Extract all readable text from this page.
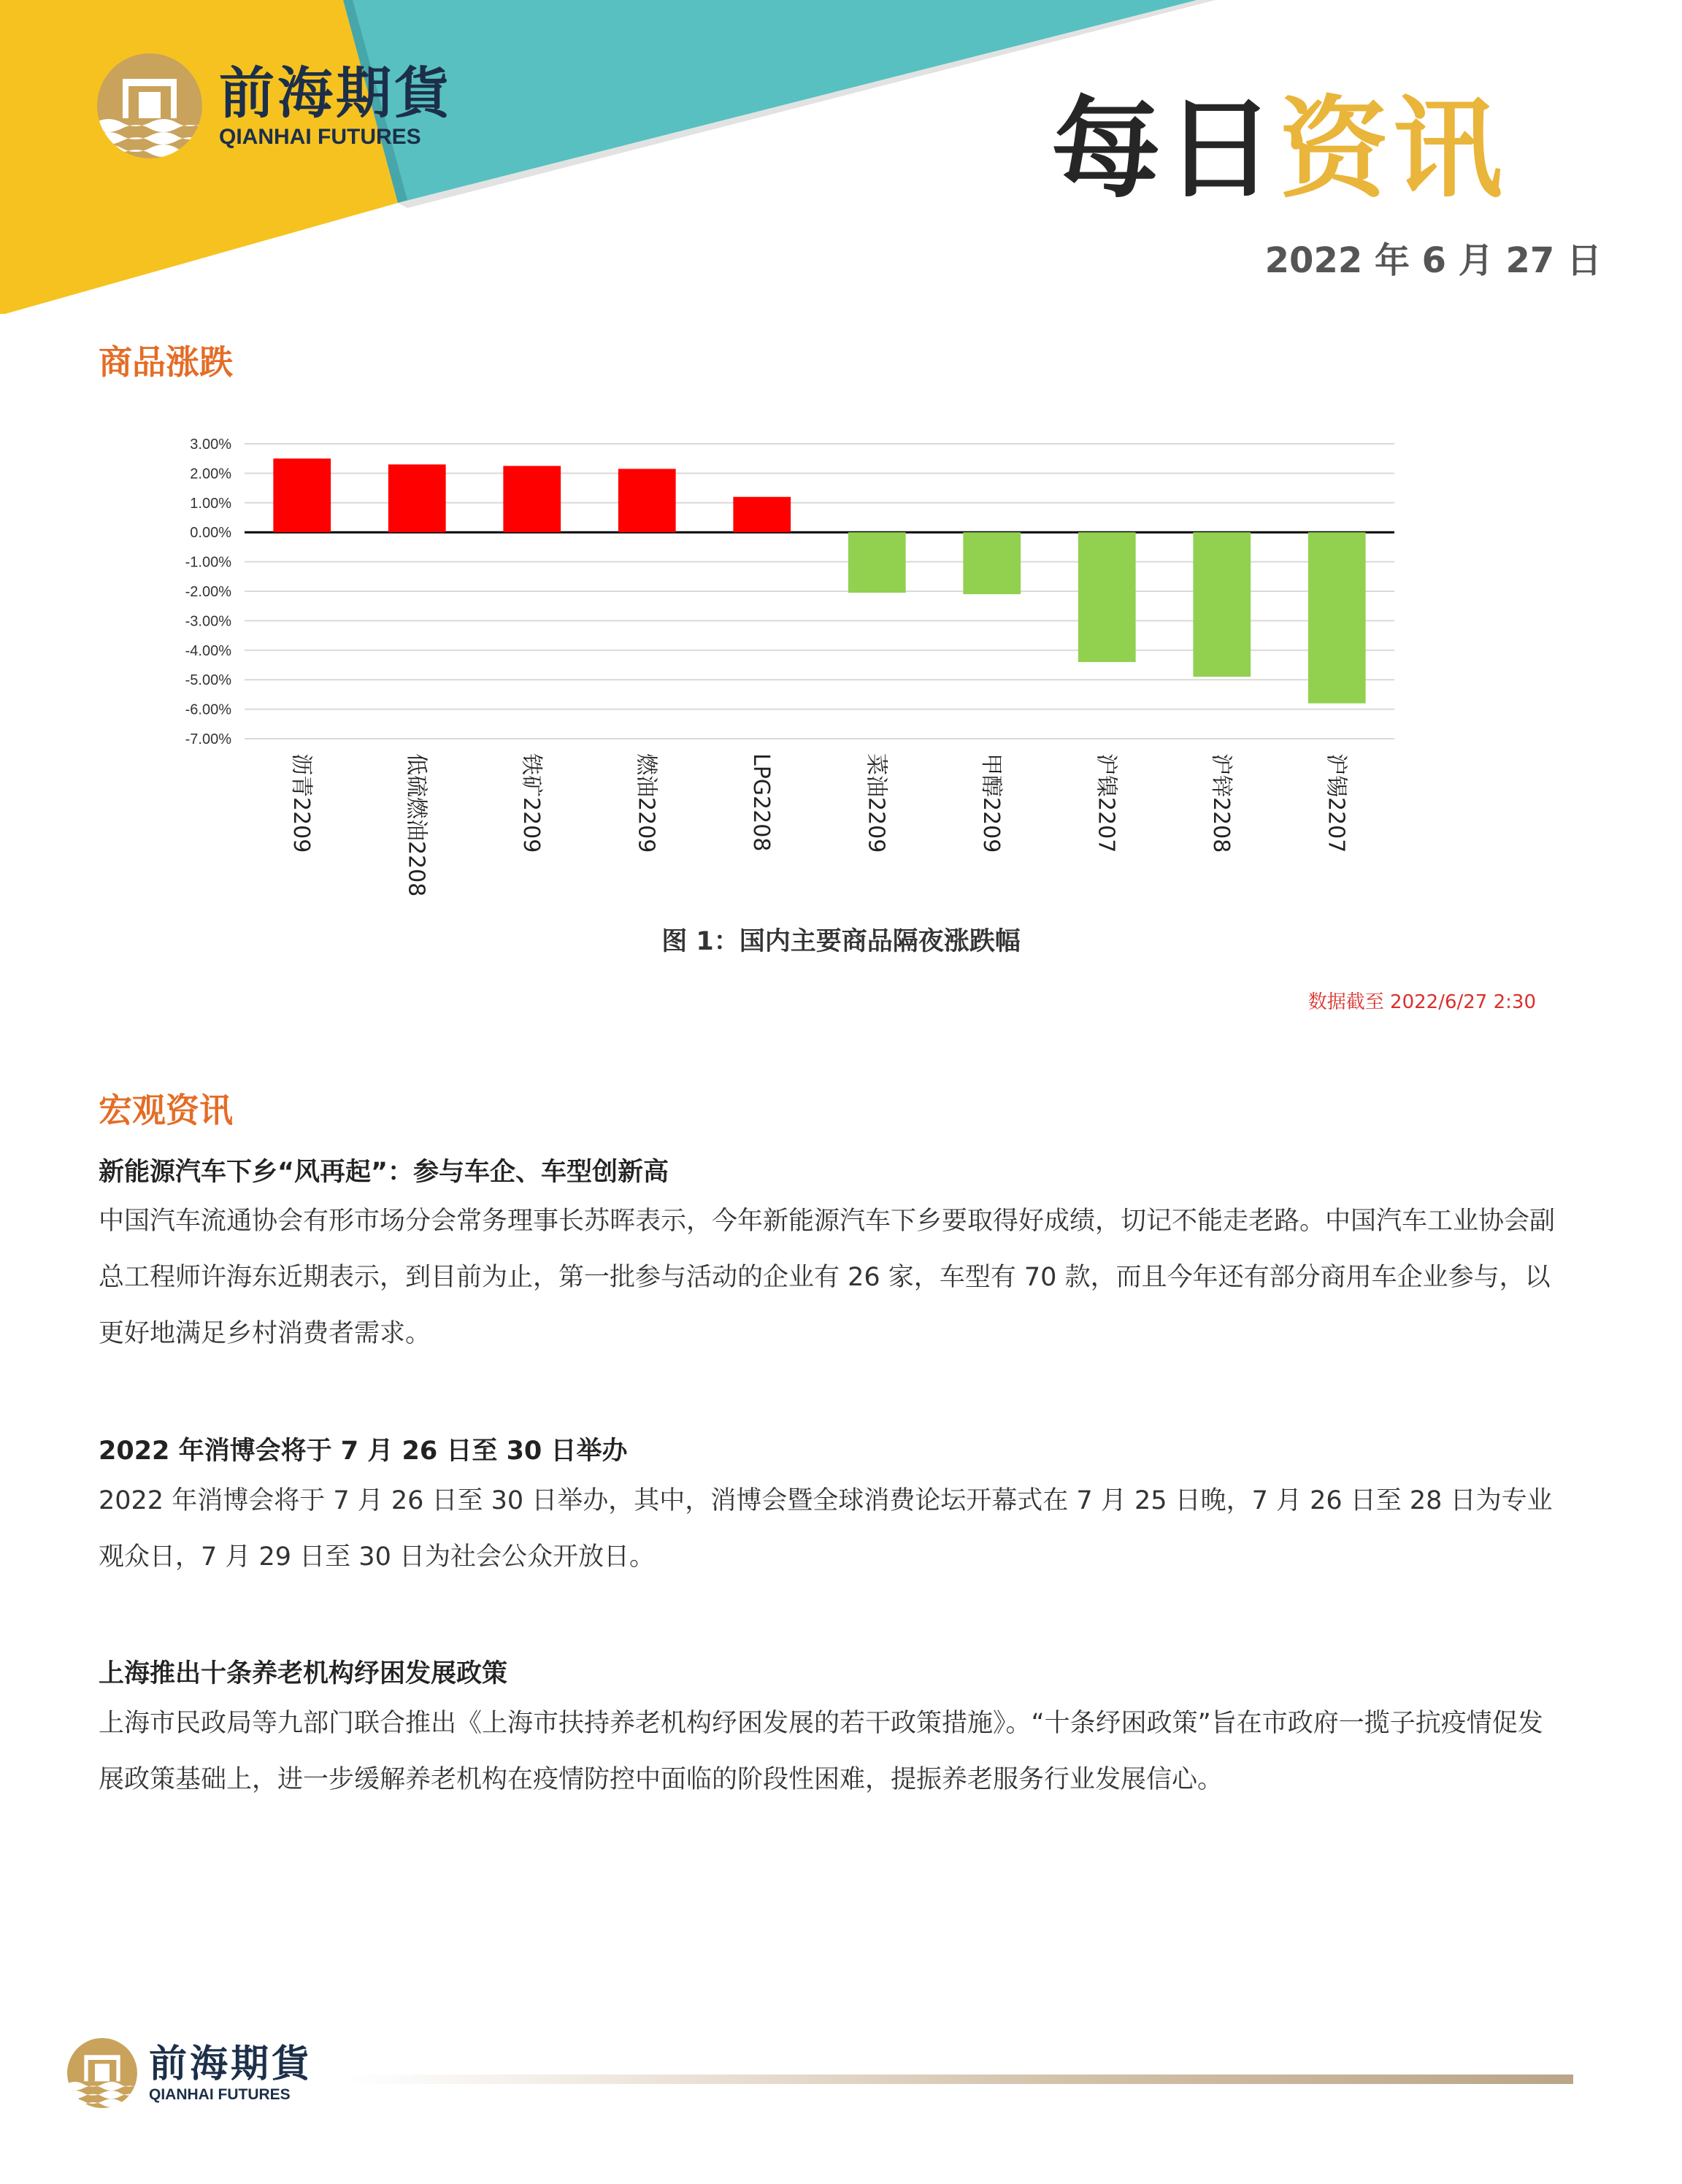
前海期貨
QIANHAI FUTURES	每日资讯
2022 年 6 月 27 日
商品涨跌
3.00%
2.00%
1.00%
0.00%
-1.00%
-2.00%
-3.00%
-4.00%
-5.00%
-6.00%
-7.00%
沥青2209	低硫燃油2208	铁矿2209	燃油2209	LPG2208	菜油2209	甲醇2209	沪镍2207	沪锌2208	沪锡2207
图 1：国内主要商品隔夜涨跌幅
数据截至 2022/6/27 2:30
宏观资讯
新能源汽车下乡“风再起”：参与车企、车型创新高
中国汽车流通协会有形市场分会常务理事长苏晖表示，今年新能源汽车下乡要取得好成绩，切记不能走老路。中国汽车工业协会副总工程师许海东近期表示，到目前为止，第一批参与活动的企业有 26 家，车型有 70 款，而且今年还有部分商用车企业参与，以更好地满足乡村消费者需求。
2022 年消博会将于 7 月 26 日至 30 日举办
2022 年消博会将于 7 月 26 日至 30 日举办，其中，消博会暨全球消费论坛开幕式在 7 月 25 日晚，7 月 26 日至 28 日为专业观众日，7 月 29 日至 30 日为社会公众开放日。
上海推出十条养老机构纾困发展政策
上海市民政局等九部门联合推出《上海市扶持养老机构纾困发展的若干政策措施》。“十条纾困政策”旨在市政府一揽子抗疫情促发展政策基础上，进一步缓解养老机构在疫情防控中面临的阶段性困难，提振养老服务行业发展信心。
前海期貨
QIANHAI FUTURES
